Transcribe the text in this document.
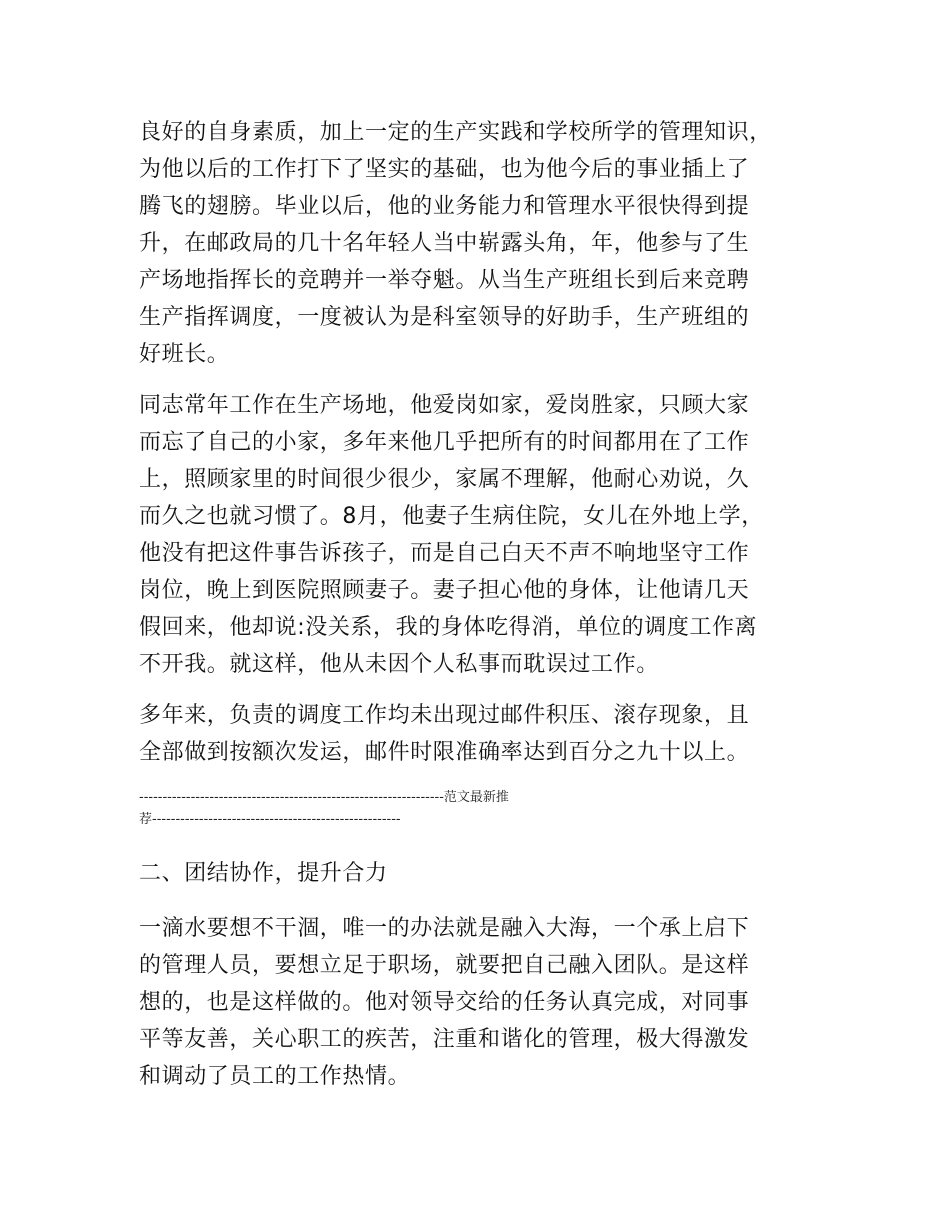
良好的自身素质，加上一定的生产实践和学校所学的管理知识，
为他以后的工作打下了坚实的基础，也为他今后的事业插上了
腾飞的翅膀。毕业以后，他的业务能力和管理水平很快得到提
升，在邮政局的几十名年轻人当中崭露头角，年，他参与了生
产场地指挥长的竞聘并一举夺魁。从当生产班组长到后来竞聘
生产指挥调度，一度被认为是科室领导的好助手，生产班组的
好班长。

同志常年工作在生产场地，他爱岗如家，爱岗胜家，只顾大家
而忘了自己的小家，多年来他几乎把所有的时间都用在了工作
上，照顾家里的时间很少很少，家属不理解，他耐心劝说，久
而久之也就习惯了。8月，他妻子生病住院，女儿在外地上学，
他没有把这件事告诉孩子，而是自己白天不声不响地坚守工作
岗位，晚上到医院照顾妻子。妻子担心他的身体，让他请几天
假回来，他却说:没关系，我的身体吃得消，单位的调度工作离
不开我。就这样，他从未因个人私事而耽误过工作。

多年来，负责的调度工作均未出现过邮件积压、滚存现象，且
全部做到按额次发运，邮件时限准确率达到百分之九十以上。

-----------------------------------------------------------------范文最新推
荐-----------------------------------------------------
二、团结协作，提升合力

一滴水要想不干涸，唯一的办法就是融入大海，一个承上启下
的管理人员，要想立足于职场，就要把自己融入团队。是这样
想的，也是这样做的。他对领导交给的任务认真完成，对同事
平等友善，关心职工的疾苦，注重和谐化的管理，极大得激发
和调动了员工的工作热情。
